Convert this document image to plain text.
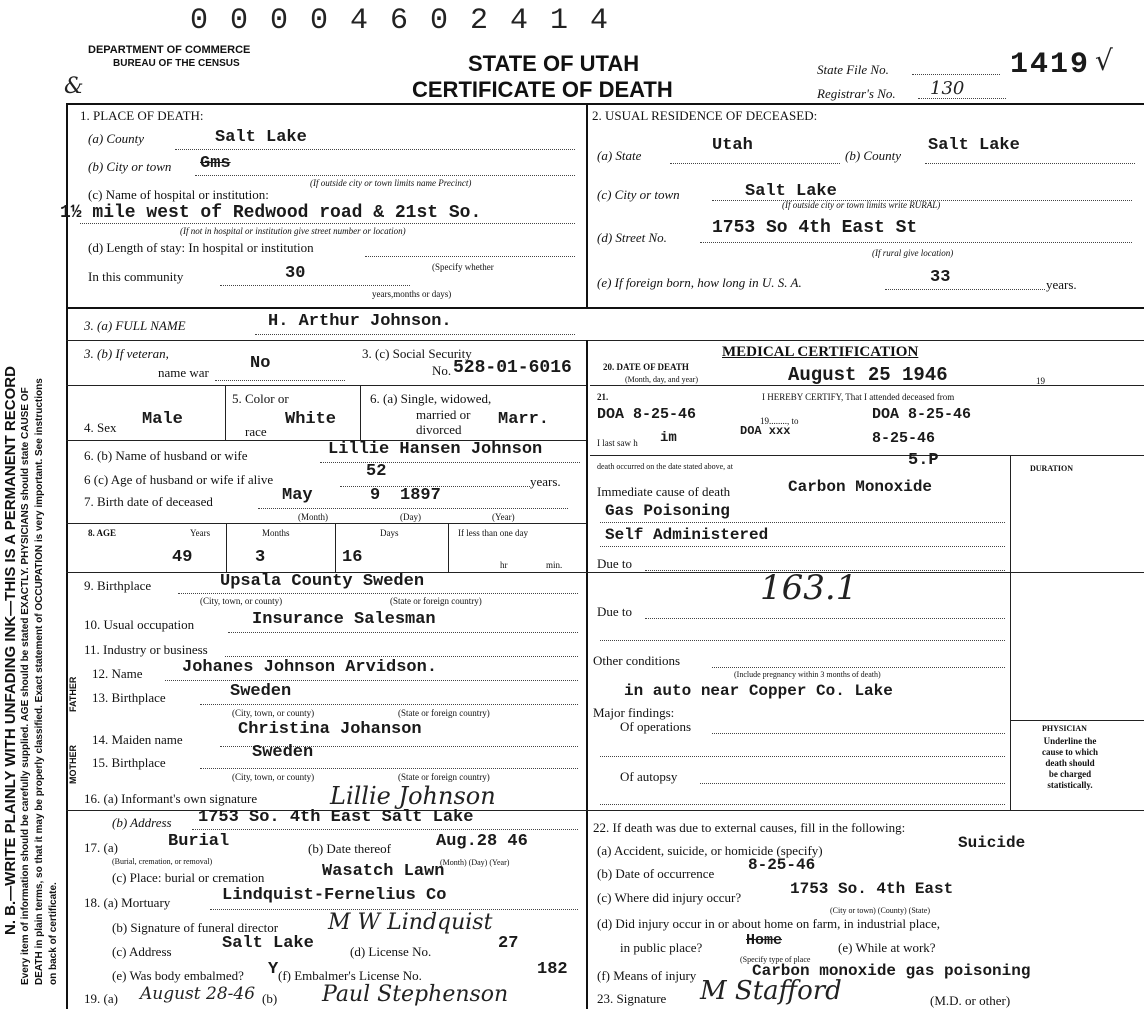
0 0 0 0 4 6 0 2 4 1 4
DEPARTMENT OF COMMERCE
BUREAU OF THE CENSUS
&
STATE OF UTAH
CERTIFICATE OF DEATH
State File No.	1419 √
Registrar's No. 130
N. B.—WRITE PLAINLY WITH UNFADING INK—THIS IS A PERMANENT RECORD Every item of information should be carefully supplied. AGE should be stated EXACTLY. PHYSICIANS should state CAUSE OF DEATH in plain terms, so that it may be properly classified. Exact statement of OCCUPATION is very important. See instructions on back of certificate.
1. PLACE OF DEATH:
(a) County	Salt Lake
(b) City or town Gms
(If outside city or town limits name Precinct)
(c) Name of hospital or institution:
1½ mile west of Redwood road & 21st So.
(If not in hospital or institution give street number or location)
(d) Length of stay: In hospital or institution
In this community	30	(Specify whether
years,months or days)
2. USUAL RESIDENCE OF DECEASED:
(a) State
Utah
(b) County
Salt Lake
(c) City or town	Salt Lake
(If outside city or town limits write RURAL)
(d) Street No.	1753 So 4th East St
(If rural give location)
(e) If foreign born, how long in U. S. A.	33	years.
3. (a) FULL NAME	H. Arthur Johnson.
3. (b) If veteran,
name war No
3. (c) Social Security
No. 528-01-6016
4. Sex Male
5. Color or
race
White
6. (a) Single, widowed,
married or
divorced
Marr.
6. (b) Name of husband or wife	Lillie Hansen Johnson
6 (c) Age of husband or wife if alive	52
years.
7. Birth date of deceased	May	9 1897
(Month)	(Day)	(Year)
8. AGE	Years	Months	Days	If less than one day
49	3	16	hr	min.
9. Birthplace	Upsala County Sweden
(City, town, or county)	(State or foreign country)
10. Usual occupation	Insurance Salesman
11. Industry or business
FATHER
MOTHER
12. Name Johanes Johnson Arvidson.
13. Birthplace	Sweden
(City, town, or county)	(State or foreign country)
14. Maiden name
Christina Johanson
15. Birthplace
Sweden
(City, town, or county)	(State or foreign country)
16. (a) Informant's own signature	Lillie Johnson
(b) Address 1753 So. 4th East Salt Lake
17. (a)	Burial
(Burial, cremation, or removal)
(b) Date thereof	Aug.28 46
(Month) (Day) (Year)
(c) Place: burial or cremation	Wasatch Lawn
18. (a) Mortuary	Lindquist-Fernelius Co
(b) Signature of funeral director M W Lindquist
(c) Address	Salt Lake	(d) License No.	27
(e) Was body embalmed? Y (f) Embalmer's License No.	182
19. (a) August 28-46 (b) Paul Stephenson
MEDICAL CERTIFICATION
20. DATE OF DEATH
(Month, day, and year)	August 25 1946	19
21.	I HEREBY CERTIFY, That I attended deceased from
DOA 8-25-46	19........, to	DOA 8-25-46
I last saw h im	DOA xxx	8-25-46
death occurred on the date stated above, at	5.P	DURATION
Immediate cause of death	Carbon Monoxide
Gas Poisoning
Self Administered
Due to
163.1
Due to
Other conditions
(Include pregnancy within 3 months of death)
in auto near Copper Co. Lake
Major findings:
Of operations
Of autopsy
PHYSICIAN
Underline the cause to which death should be charged statistically.
22. If death was due to external causes, fill in the following:
(a) Accident, suicide, or homicide (specify)	Suicide
(b) Date of occurrence 8-25-46
(c) Where did injury occur?	1753 So. 4th East
(City or town) (County) (State)
(d) Did injury occur in or about home on farm, in industrial place,
in public place?	Home	(e) While at work?
(Specify type of place
(f) Means of injury	Carbon monoxide gas poisoning
23. Signature M Stafford	(M.D. or other)
